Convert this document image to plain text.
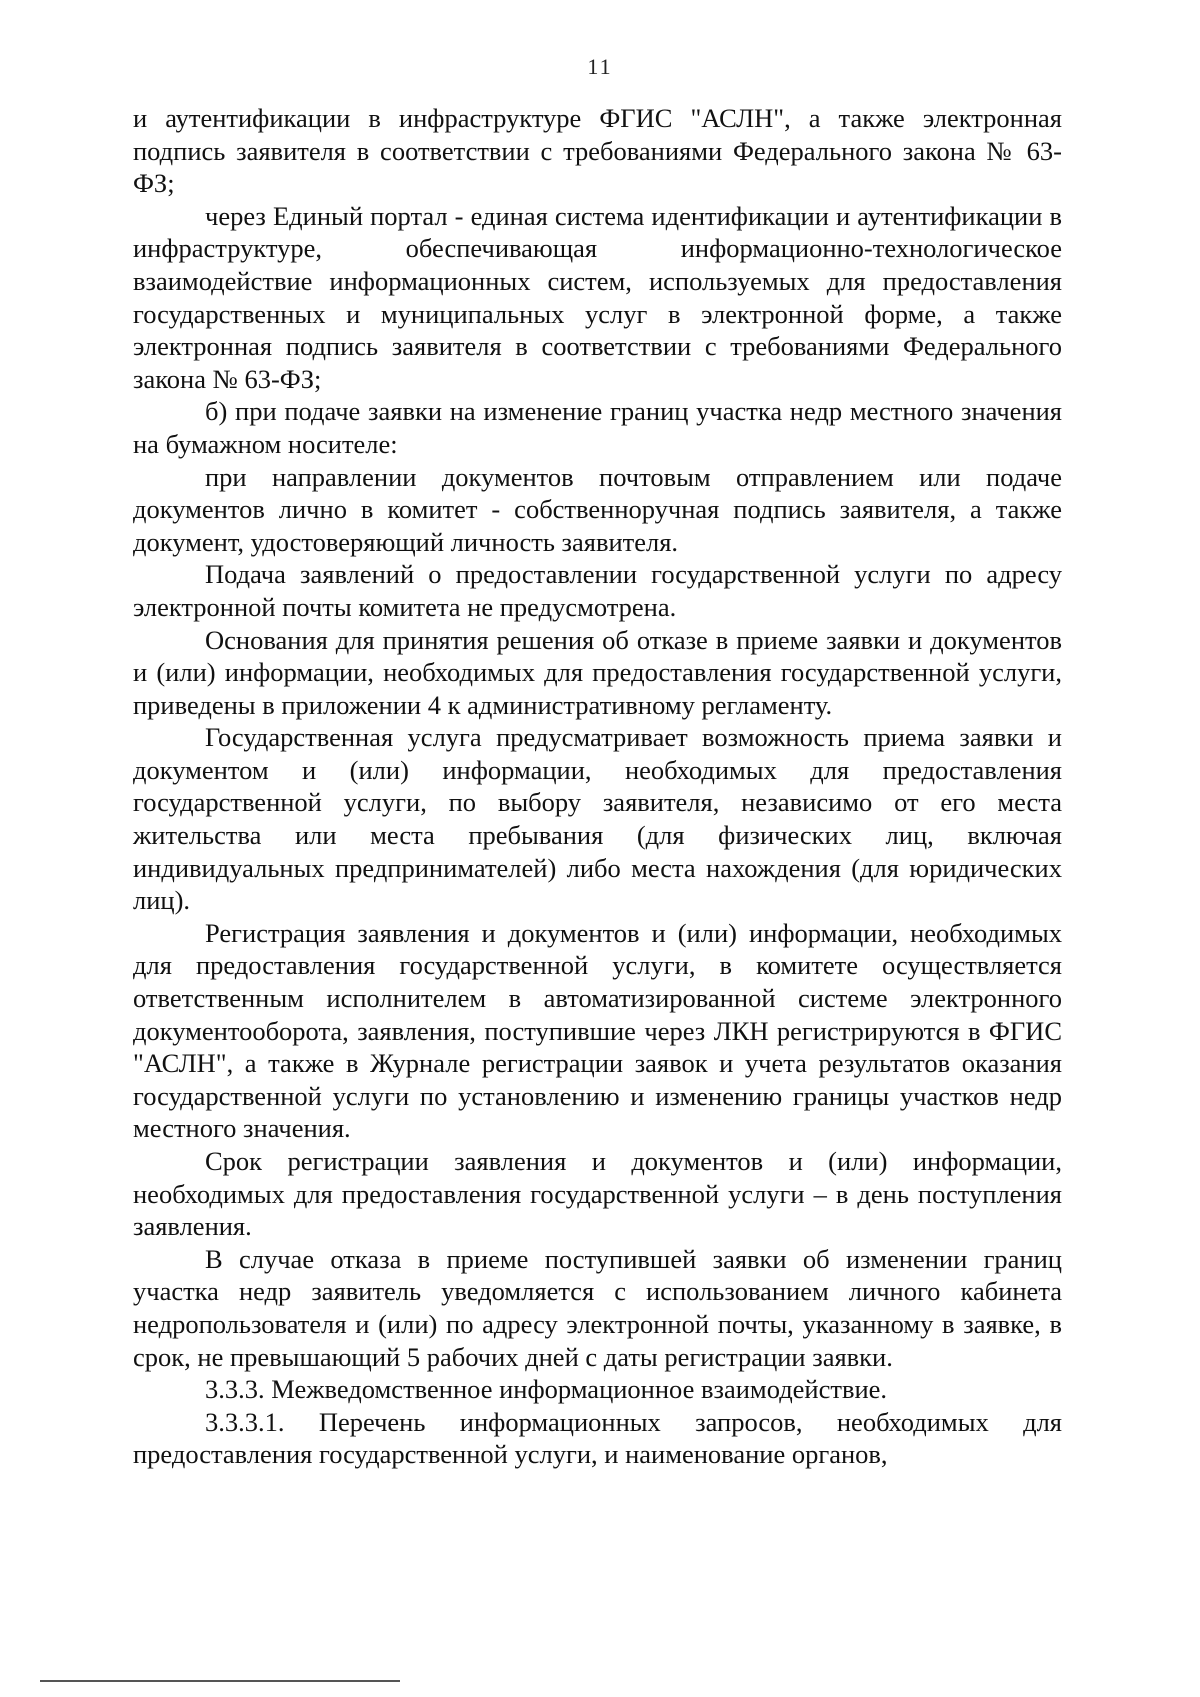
11

и аутентификации в инфраструктуре ФГИС "АСЛН", а также электронная подпись заявителя в соответствии с требованиями Федерального закона № 63-ФЗ;

через Единый портал - единая система идентификации и аутентификации в инфраструктуре, обеспечивающая информационно-технологическое взаимодействие информационных систем, используемых для предоставления государственных и муниципальных услуг в электронной форме, а также электронная подпись заявителя в соответствии с требованиями Федерального закона № 63-ФЗ;

б) при подаче заявки на изменение границ участка недр местного значения на бумажном носителе:

при направлении документов почтовым отправлением или подаче документов лично в комитет - собственноручная подпись заявителя, а также документ, удостоверяющий личность заявителя.

Подача заявлений о предоставлении государственной услуги по адресу электронной почты комитета не предусмотрена.

Основания для принятия решения об отказе в приеме заявки и документов и (или) информации, необходимых для предоставления государственной услуги, приведены в приложении 4 к административному регламенту.

Государственная услуга предусматривает возможность приема заявки и документом и (или) информации, необходимых для предоставления государственной услуги, по выбору заявителя, независимо от его места жительства или места пребывания (для физических лиц, включая индивидуальных предпринимателей) либо места нахождения (для юридических лиц).

Регистрация заявления и документов и (или) информации, необходимых для предоставления государственной услуги, в комитете осуществляется ответственным исполнителем в автоматизированной системе электронного документооборота, заявления, поступившие через ЛКН регистрируются в ФГИС "АСЛН", а также в Журнале регистрации заявок и учета результатов оказания государственной услуги по установлению и изменению границы участков недр местного значения.

Срок регистрации заявления и документов и (или) информации, необходимых для предоставления государственной услуги – в день поступления заявления.

В случае отказа в приеме поступившей заявки об изменении границ участка недр заявитель уведомляется с использованием личного кабинета недропользователя и (или) по адресу электронной почты, указанному в заявке, в срок, не превышающий 5 рабочих дней с даты регистрации заявки.

3.3.3. Межведомственное информационное взаимодействие.

3.3.3.1. Перечень информационных запросов, необходимых для предоставления государственной услуги, и наименование органов,
